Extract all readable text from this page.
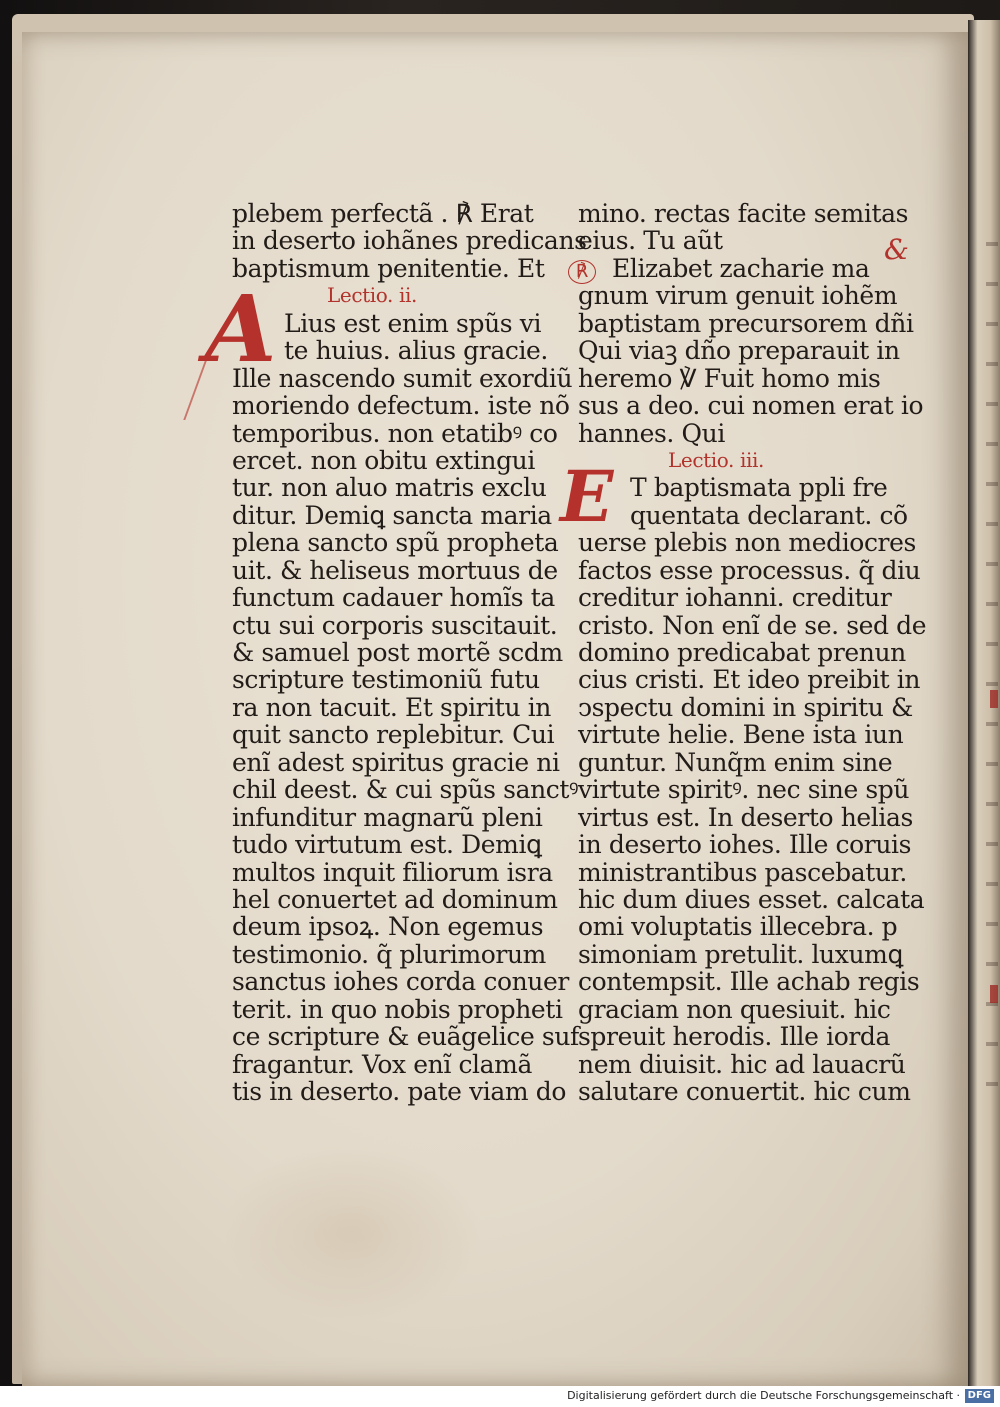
A
E
&
℟
plebem perfectã . ℟ Erat
in deserto iohãnes predicans
baptismum penitentie. Et
Lectio. ii.
Lius est enim spũs vi
te huius. alius gracie.
Ille nascendo sumit exordiũ
moriendo defectum. iste nõ
temporibus. non etatibꝰ co
ercet. non obitu extingui
tur. non aluo matris exclu
ditur. Demiꝗ sancta maria
plena sancto spũ propheta
uit. & heliseus mortuus de
functum cadauer homĩs ta
ctu sui corporis suscitauit.
& samuel post mortẽ scdm
scripture testimoniũ futu
ra non tacuit. Et spiritu in
quit sancto replebitur. Cui
enĩ adest spiritus gracie ni
chil deest. & cui spũs sanctꝰ
infunditur magnarũ pleni
tudo virtutum est. Demiꝗ
multos inquit filiorum isra
hel conuertet ad dominum
deum ipsoꝝ. Non egemus
testimonio. q̃ plurimorum
sanctus iohes corda conuer
terit. in quo nobis propheti
ce scripture & euãgelice suf
fragantur. Vox enĩ clamã
tis in deserto. pate viam do
mino. rectas facite semitas
eius. Tu aũt
Elizabet zacharie ma
gnum virum genuit iohẽm
baptistam precursorem dñi
Qui viaꝫ dño preparauit in
heremo ℣ Fuit homo mis
sus a deo. cui nomen erat io
hannes. Qui
Lectio. iii.
T baptismata ppli fre
quentata declarant. cõ
uerse plebis non mediocres
factos esse processus. q̃ diu
creditur iohanni. creditur
cristo. Non enĩ de se. sed de
domino predicabat prenun
cius cristi. Et ideo preibit in
ↄspectu domini in spiritu &
virtute helie. Bene ista iun
guntur. Nunq̃m enim sine
virtute spiritꝰ. nec sine spũ
virtus est. In deserto helias
in deserto iohes. Ille coruis
ministrantibus pascebatur.
hic dum diues esset. calcata
omi voluptatis illecebra. p
simoniam pretulit. luxumꝗ
contempsit. Ille achab regis
graciam non quesiuit. hic
spreuit herodis. Ille iorda
nem diuisit. hic ad lauacrũ
salutare conuertit. hic cum
Digitalisierung gefördert durch die Deutsche Forschungsgemeinschaft · DFG
